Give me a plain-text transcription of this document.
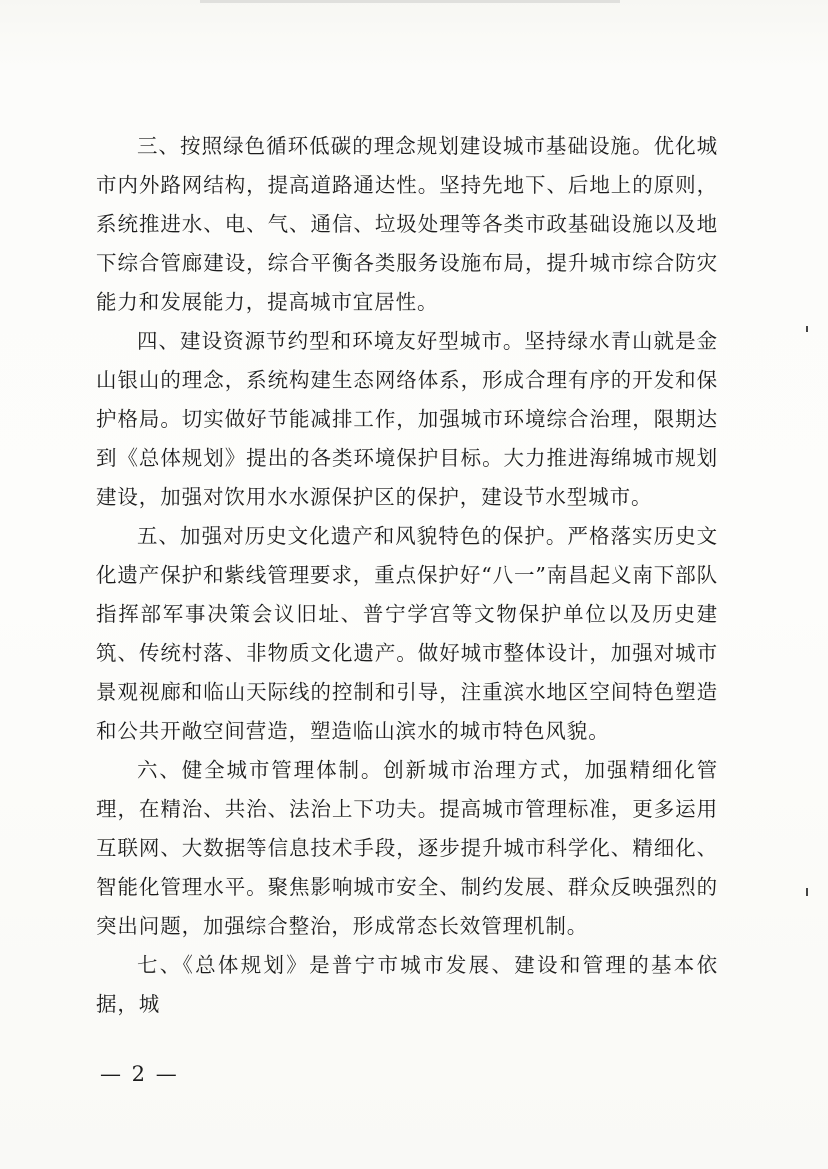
三、按照绿色循环低碳的理念规划建设城市基础设施。优化城市内外路网结构，提高道路通达性。坚持先地下、后地上的原则，系统推进水、电、气、通信、垃圾处理等各类市政基础设施以及地下综合管廊建设，综合平衡各类服务设施布局，提升城市综合防灾能力和发展能力，提高城市宜居性。

四、建设资源节约型和环境友好型城市。坚持绿水青山就是金山银山的理念，系统构建生态网络体系，形成合理有序的开发和保护格局。切实做好节能减排工作，加强城市环境综合治理，限期达到《总体规划》提出的各类环境保护目标。大力推进海绵城市规划建设，加强对饮用水水源保护区的保护，建设节水型城市。

五、加强对历史文化遗产和风貌特色的保护。严格落实历史文化遗产保护和紫线管理要求，重点保护好“八一”南昌起义南下部队指挥部军事决策会议旧址、普宁学宫等文物保护单位以及历史建筑、传统村落、非物质文化遗产。做好城市整体设计，加强对城市景观视廊和临山天际线的控制和引导，注重滨水地区空间特色塑造和公共开敞空间营造，塑造临山滨水的城市特色风貌。

六、健全城市管理体制。创新城市治理方式，加强精细化管理，在精治、共治、法治上下功夫。提高城市管理标准，更多运用互联网、大数据等信息技术手段，逐步提升城市科学化、精细化、智能化管理水平。聚焦影响城市安全、制约发展、群众反映强烈的突出问题，加强综合整治，形成常态长效管理机制。

七、《总体规划》是普宁市城市发展、建设和管理的基本依据，城

— 2 —
